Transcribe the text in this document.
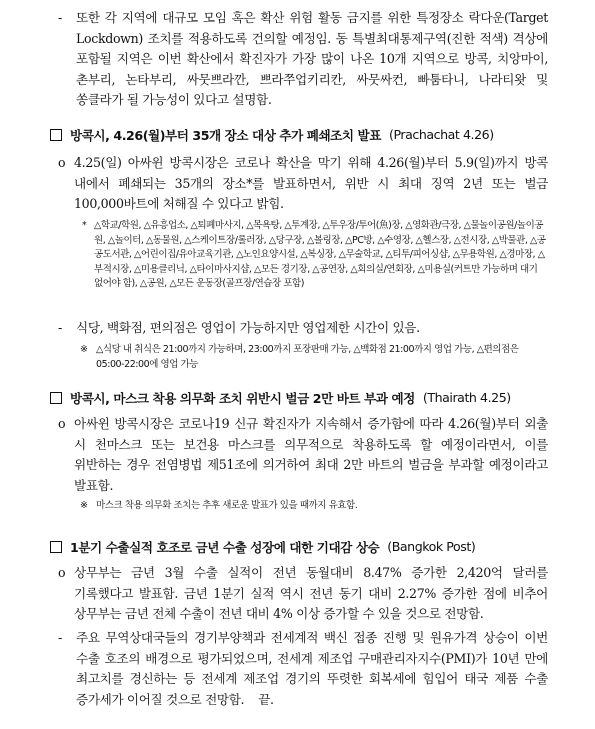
- 또한 각 지역에 대규모 모임 혹은 확산 위험 활동 금지를 위한 특정장소 락다운(Target Lockdown) 조치를 적용하도록 건의할 예정임. 동 특별최대통제구역(진한 적색) 격상에 포함될 지역은 이번 확산에서 확진자가 가장 많이 나온 10개 지역으로 방콕, 치앙마이, 촌부리, 논타부리, 싸뭇쁘라깐, 쁘라쭈업키리칸, 싸뭇싸컨, 빠툼타니, 나라티왓 및 쏭클라가 될 가능성이 있다고 설명함.

방콕시, 4.26(월)부터 35개 장소 대상 추가 폐쇄조치 발표 (Prachachat 4.26)
o 4.25(일) 아싸윈 방콕시장은 코로나 확산을 막기 위해 4.26(월)부터 5.9(일)까지 방콕 내에서 폐쇄되는 35개의 장소*를 발표하면서, 위반 시 최대 징역 2년 또는 벌금 100,000바트에 처해질 수 있다고 밝힘.

* △학교/학원, △유흥업소, △퇴폐마사지, △목욕탕, △투계장, △투우장/투어(魚)장, △영화관/극장, △물놀이공원/놀이공원, △놀이터, △동물원, △스케이트장/롤러장, △당구장, △볼링장, △PC방, △수영장, △헬스장, △전시장, △박물관, △공공도서관, △어린이집/유아교육기관, △노인요양시설, △복싱장, △무술학교, △티투/피어싱샵, △무용학원, △경마장, △부적시장, △미용클리닉, △타이마사지샵, △모든 경기장, △공연장, △회의실/연회장, △미용실(커트만 가능하며 대기 없어야 함), △공원, △모든 운동장(골프장/연습장 포함)

- 식당, 백화점, 편의점은 영업이 가능하지만 영업제한 시간이 있음.

※ △식당 내 취식은 21:00까지 가능하며, 23:00까지 포장판매 가능, △백화점 21:00까지 영업 가능, △편의점은 05:00-22:00에 영업 가능

방콕시, 마스크 착용 의무화 조치 위반시 벌금 2만 바트 부과 예정 (Thairath 4.25)
o 아싸윈 방콕시장은 코로나19 신규 확진자가 지속해서 증가함에 따라 4.26(월)부터 외출 시 천마스크 또는 보건용 마스크를 의무적으로 착용하도록 할 예정이라면서, 이를 위반하는 경우 전염병법 제51조에 의거하여 최대 2만 바트의 벌금을 부과할 예정이라고 발표함.

※ 마스크 착용 의무화 조치는 추후 새로운 발표가 있을 때까지 유효함.

1분기 수출실적 호조로 금년 수출 성장에 대한 기대감 상승 (Bangkok Post)
o 상무부는 금년 3월 수출 실적이 전년 동월대비 8.47% 증가한 2,420억 달러를 기록했다고 발표함. 금년 1분기 실적 역시 전년 동기 대비 2.27% 증가한 점에 비추어 상무부는 금년 전체 수출이 전년 대비 4% 이상 증가할 수 있을 것으로 전망함.

- 주요 무역상대국들의 경기부양책과 전세계적 백신 접종 진행 및 원유가격 상승이 이번 수출 호조의 배경으로 평가되었으며, 전세계 제조업 구매관리자지수(PMI)가 10년 만에 최고치를 경신하는 등 전세계 제조업 경기의 뚜렷한 회복세에 힘입어 태국 제품 수출 증가세가 이어질 것으로 전망함. 끝.
